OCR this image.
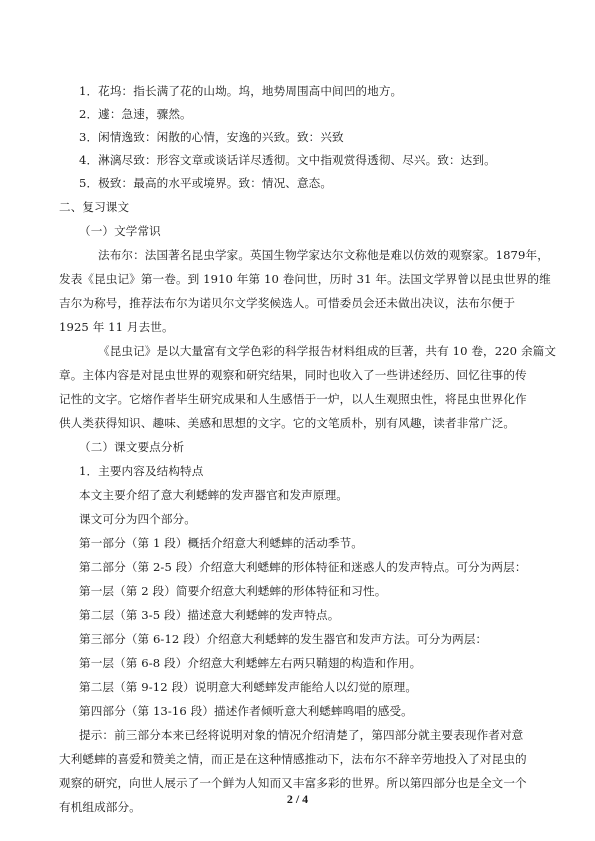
1．花坞：指长满了花的山坳。坞，地势周围高中间凹的地方。
2．遽：急速，骤然。
3．闲情逸致：闲散的心情，安逸的兴致。致：兴致
4．淋漓尽致：形容文章或谈话详尽透彻。文中指观赏得透彻、尽兴。致：达到。
5．极致：最高的水平或境界。致：情况、意态。
二、复习课文
（一）文学常识
法布尔：法国著名昆虫学家。英国生物学家达尔文称他是难以仿效的观察家。1879年，
发表《昆虫记》第一卷。到 1910 年第 10 卷问世，历时 31 年。法国文学界曾以昆虫世界的维
吉尔为称号，推荐法布尔为诺贝尔文学奖候选人。可惜委员会还未做出决议，法布尔便于
1925 年 11 月去世。
《昆虫记》是以大量富有文学色彩的科学报告材料组成的巨著，共有 10 卷，220 余篇文
章。主体内容是对昆虫世界的观察和研究结果，同时也收入了一些讲述经历、回忆往事的传
记性的文字。它熔作者毕生研究成果和人生感悟于一炉，以人生观照虫性，将昆虫世界化作
供人类获得知识、趣味、美感和思想的文字。它的文笔质朴，别有风趣，读者非常广泛。
（二）课文要点分析
1．主要内容及结构特点
本文主要介绍了意大利蟋蟀的发声器官和发声原理。
课文可分为四个部分。
第一部分（第 1 段）概括介绍意大利蟋蟀的活动季节。
第二部分（第 2-5 段）介绍意大利蟋蟀的形体特征和迷惑人的发声特点。可分为两层：
第一层（第 2 段）简要介绍意大利蟋蟀的形体特征和习性。
第二层（第 3-5 段）描述意大利蟋蟀的发声特点。
第三部分（第 6-12 段）介绍意大利蟋蟀的发生器官和发声方法。可分为两层：
第一层（第 6-8 段）介绍意大利蟋蟀左右两只鞘翅的构造和作用。
第二层（第 9-12 段）说明意大利蟋蟀发声能给人以幻觉的原理。
第四部分（第 13-16 段）描述作者倾听意大利蟋蟀鸣唱的感受。
提示：前三部分本来已经将说明对象的情况介绍清楚了，第四部分就主要表现作者对意
大利蟋蟀的喜爱和赞美之情，而正是在这种情感推动下，法布尔不辞辛劳地投入了对昆虫的
观察的研究，向世人展示了一个鲜为人知而又丰富多彩的世界。所以第四部分也是全文一个
有机组成部分。
2 / 4
